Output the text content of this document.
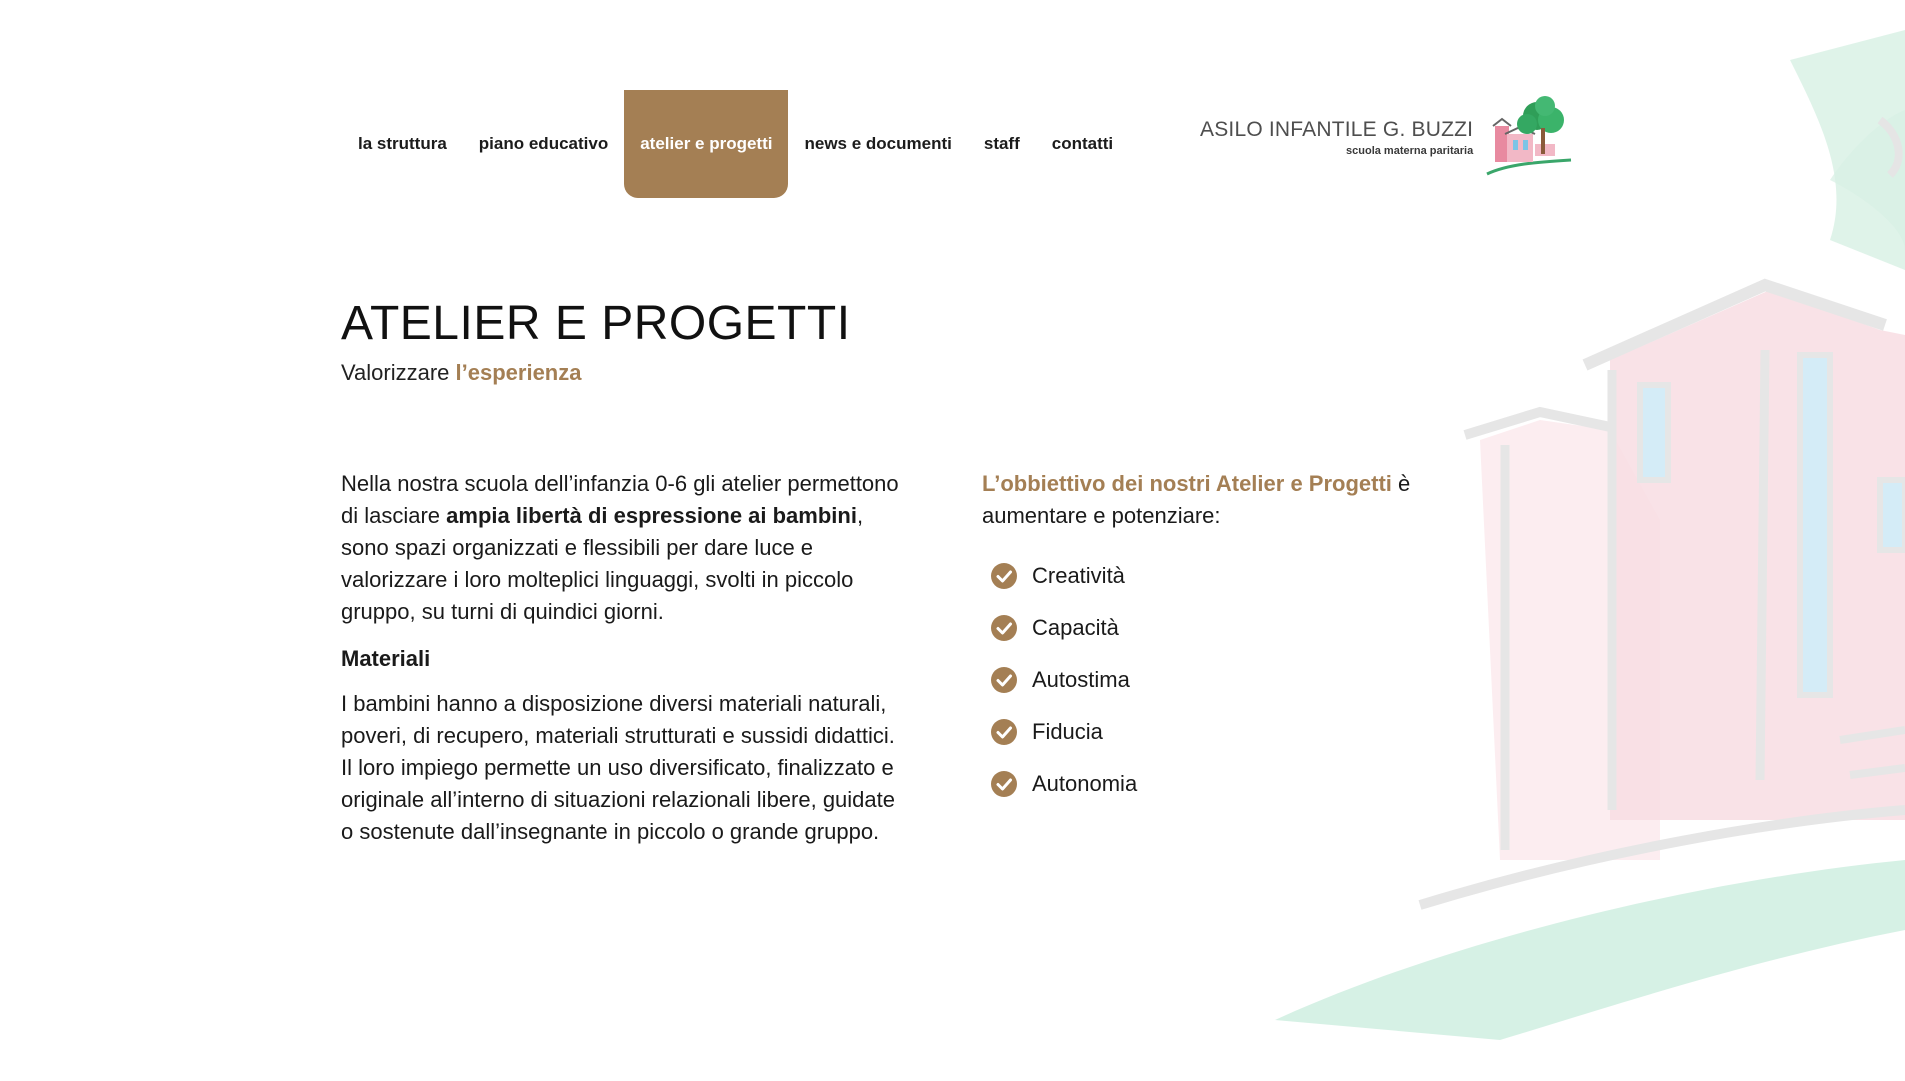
la struttura	piano educativo	atelier e progetti	news e documenti	staff	contatti
ASILO INFANTILE G. BUZZI
scuola materna paritaria
ATELIER E PROGETTI
Valorizzare l’esperienza

Nella nostra scuola dell’infanzia 0-6 gli atelier permettono di lasciare ampia libertà di espressione ai bambini, sono spazi organizzati e flessibili per dare luce e valorizzare i loro molteplici linguaggi, svolti in piccolo gruppo, su turni di quindici giorni.

Materiali

I bambini hanno a disposizione diversi materiali naturali, poveri, di recupero, materiali strutturati e sussidi didattici. Il loro impiego permette un uso diversificato, finalizzato e originale all’interno di situazioni relazionali libere, guidate o sostenute dall’insegnante in piccolo o grande gruppo.

L’obbiettivo dei nostri Atelier e Progetti è aumentare e potenziare:

Creatività
Capacità
Autostima
Fiducia
Autonomia
